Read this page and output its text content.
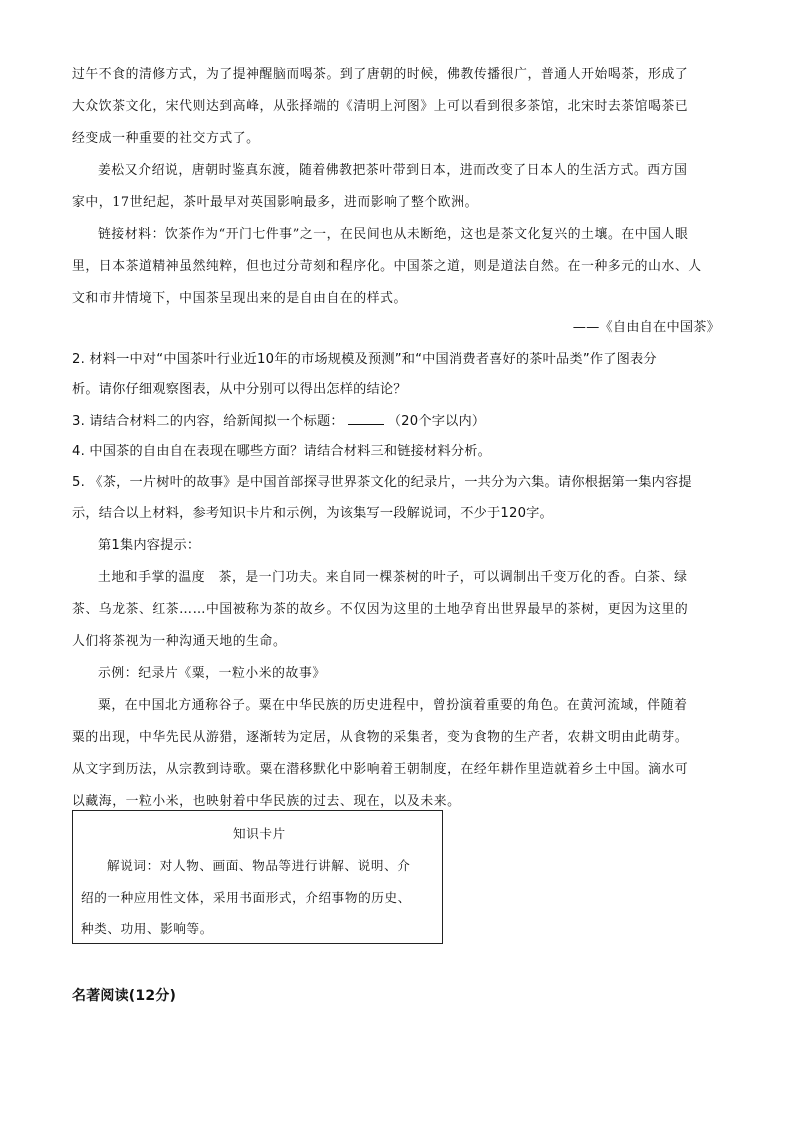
过午不食的清修方式，为了提神醒脑而喝茶。到了唐朝的时候，佛教传播很广，普通人开始喝茶，形成了
大众饮茶文化，宋代则达到高峰，从张择端的《清明上河图》上可以看到很多茶馆，北宋时去茶馆喝茶已
经变成一种重要的社交方式了。
姜松又介绍说，唐朝时鉴真东渡，随着佛教把茶叶带到日本，进而改变了日本人的生活方式。西方国
家中，17世纪起，茶叶最早对英国影响最多，进而影响了整个欧洲。
链接材料：饮茶作为“开门七件事”之一，在民间也从未断绝，这也是茶文化复兴的土壤。在中国人眼
里，日本茶道精神虽然纯粹，但也过分苛刻和程序化。中国茶之道，则是道法自然。在一种多元的山水、人
文和市井情境下，中国茶呈现出来的是自由自在的样式。
——《自由自在中国茶》
2. 材料一中对“中国茶叶行业近10年的市场规模及预测”和“中国消费者喜好的茶叶品类”作了图表分
析。请你仔细观察图表，从中分别可以得出怎样的结论？
3. 请结合材料二的内容，给新闻拟一个标题：	（20个字以内）
4. 中国茶的自由自在表现在哪些方面？请结合材料三和链接材料分析。
5. 《茶，一片树叶的故事》是中国首部探寻世界茶文化的纪录片，一共分为六集。请你根据第一集内容提
示，结合以上材料，参考知识卡片和示例，为该集写一段解说词，不少于120字。
第1集内容提示：
土地和手掌的温度　茶，是一门功夫。来自同一棵茶树的叶子，可以调制出千变万化的香。白茶、绿
茶、乌龙茶、红茶……中国被称为茶的故乡。不仅因为这里的土地孕育出世界最早的茶树，更因为这里的
人们将茶视为一种沟通天地的生命。
示例：纪录片《粟，一粒小米的故事》
粟，在中国北方通称谷子。粟在中华民族的历史进程中，曾扮演着重要的角色。在黄河流域，伴随着
粟的出现，中华先民从游猎，逐渐转为定居，从食物的采集者，变为食物的生产者，农耕文明由此萌芽。
从文字到历法，从宗教到诗歌。粟在潜移默化中影响着王朝制度，在经年耕作里造就着乡土中国。滴水可
以藏海，一粒小米，也映射着中华民族的过去、现在，以及未来。
知识卡片
解说词：对人物、画面、物品等进行讲解、说明、介
绍的一种应用性文体，采用书面形式，介绍事物的历史、
种类、功用、影响等。
名著阅读(12分)
